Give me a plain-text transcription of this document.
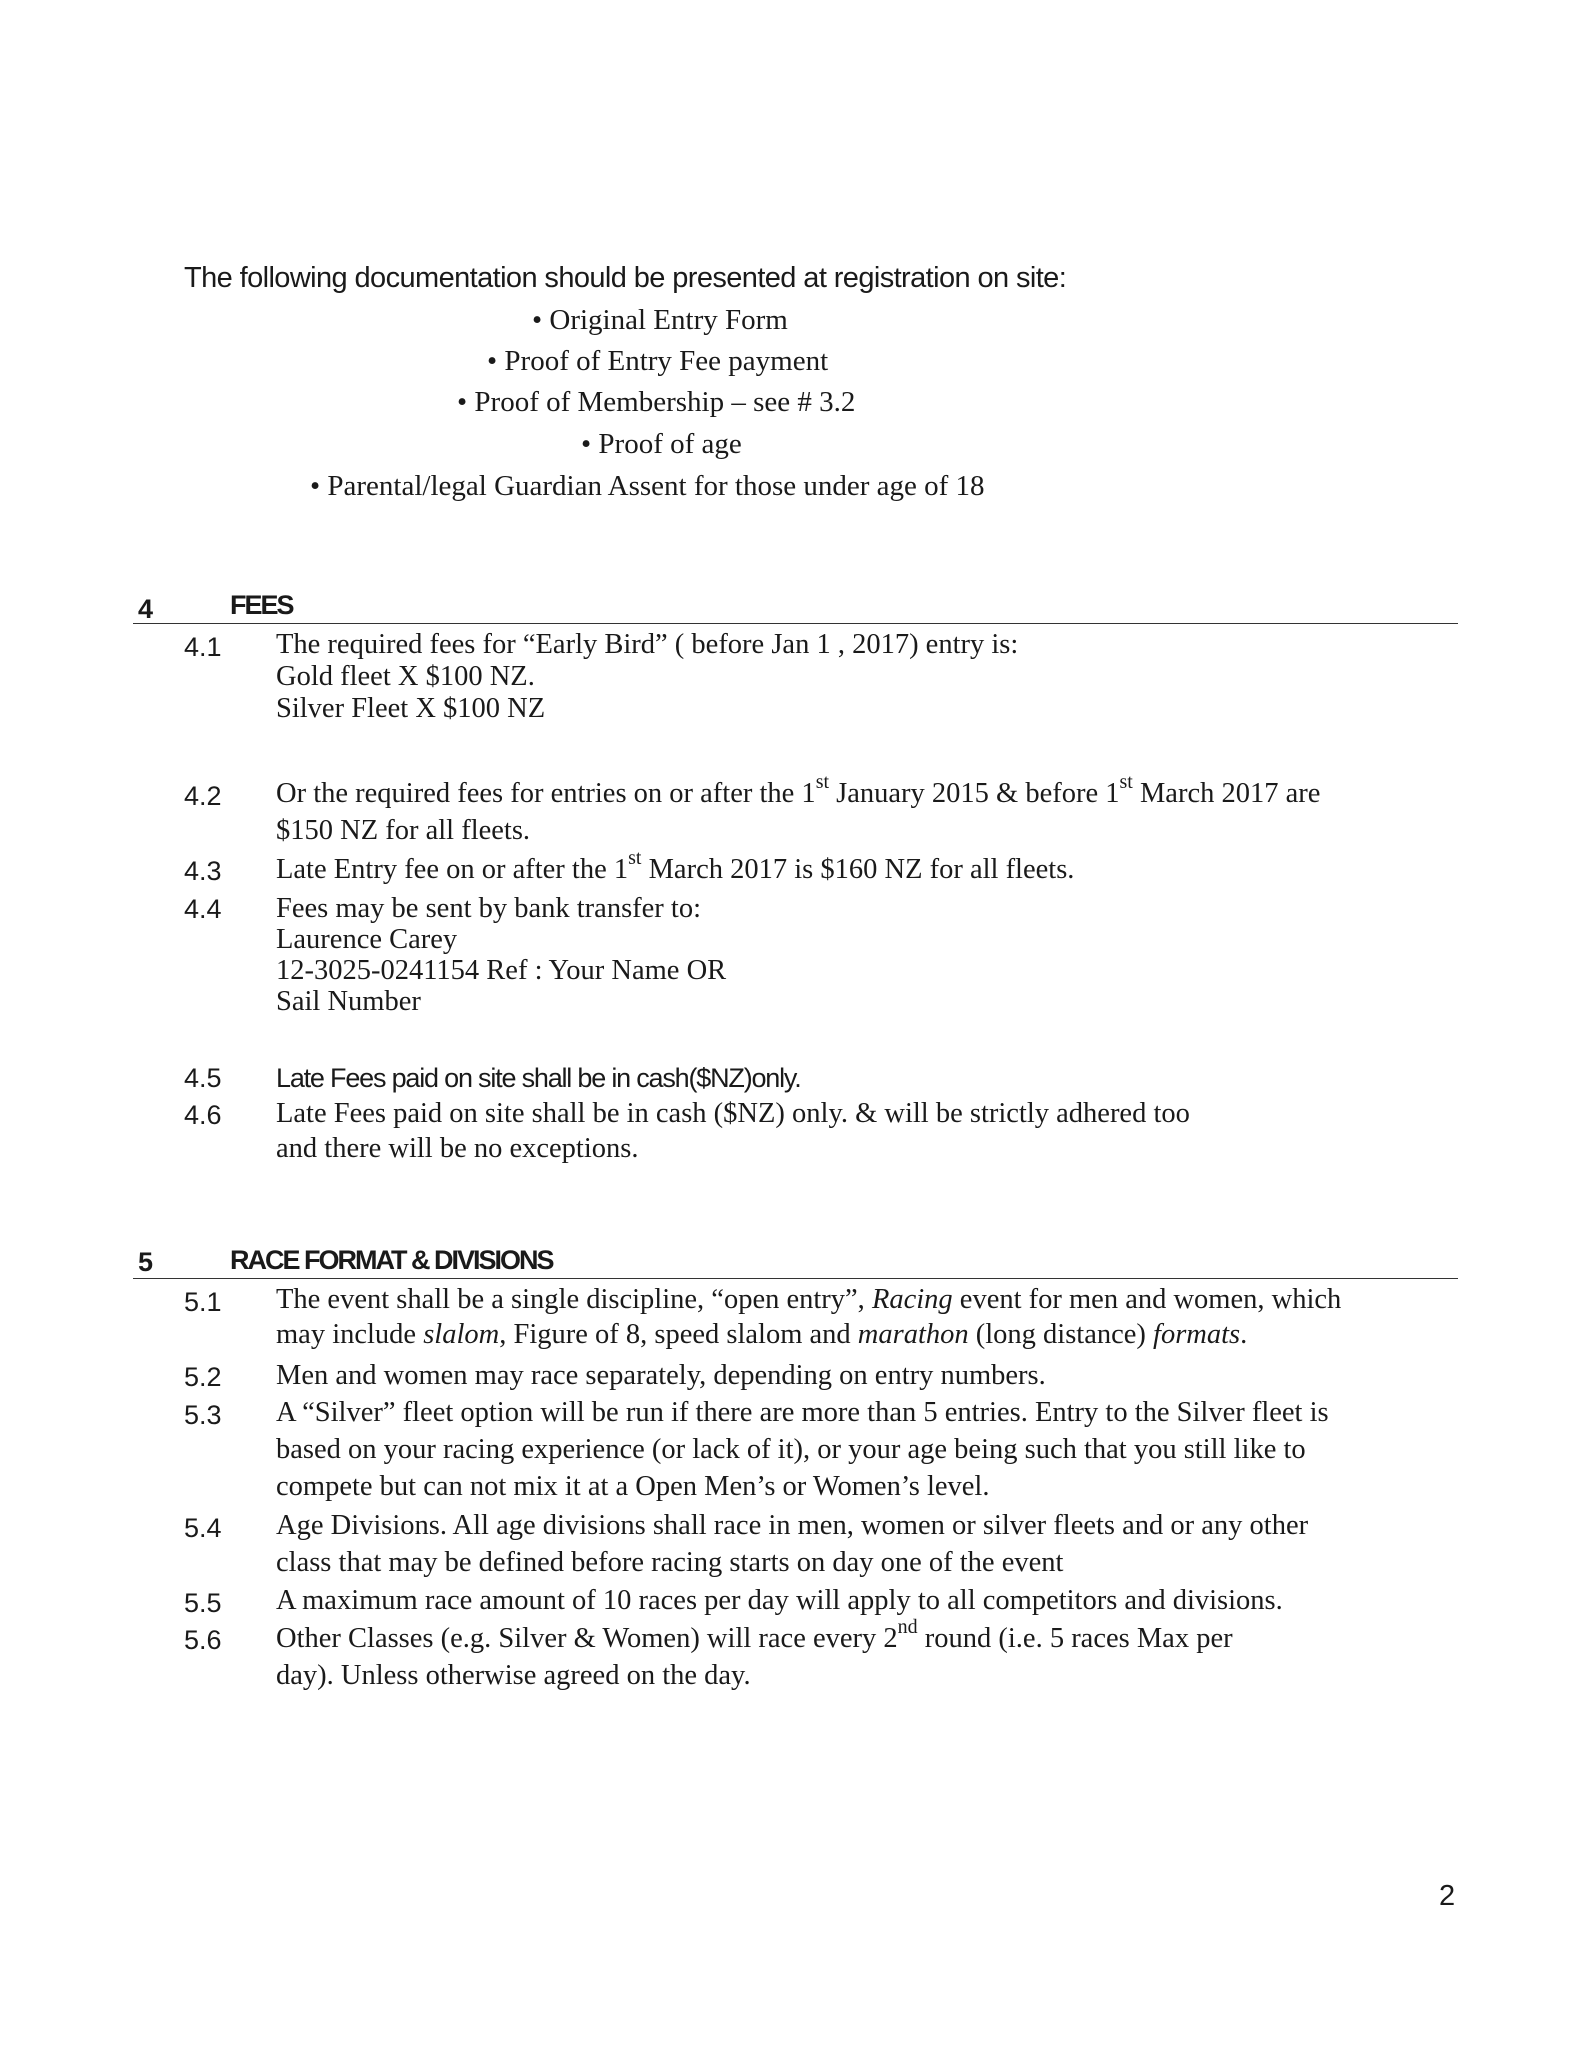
The following documentation should be presented at registration on site:
• Original Entry Form
• Proof of Entry Fee payment
• Proof of Membership – see # 3.2
• Proof of age
• Parental/legal Guardian Assent for those under age of 18
4	FEES
4.1 The required fees for “Early Bird” ( before Jan 1 , 2017) entry is:
Gold fleet X $100 NZ.
Silver Fleet X $100 NZ
4.2 Or the required fees for entries on or after the 1st January 2015 & before 1st March 2017 are
$150 NZ for all fleets.
4.3 Late Entry fee on or after the 1st March 2017 is $160 NZ for all fleets.
4.4 Fees may be sent by bank transfer to:
Laurence Carey
12-3025-0241154 Ref : Your Name OR
Sail Number
4.5 Late Fees paid on site shall be in cash($NZ)only.
4.6 Late Fees paid on site shall be in cash ($NZ) only. & will be strictly adhered too
and there will be no exceptions.
5	RACE FORMAT & DIVISIONS
5.1 The event shall be a single discipline, “open entry”, Racing event for men and women, which
may include slalom, Figure of 8, speed slalom and marathon (long distance) formats.
5.2 Men and women may race separately, depending on entry numbers.
5.3 A “Silver” fleet option will be run if there are more than 5 entries. Entry to the Silver fleet is
based on your racing experience (or lack of it), or your age being such that you still like to
compete but can not mix it at a Open Men’s or Women’s level.
5.4 Age Divisions. All age divisions shall race in men, women or silver fleets and or any other
class that may be defined before racing starts on day one of the event
5.5 A maximum race amount of 10 races per day will apply to all competitors and divisions.
5.6 Other Classes (e.g. Silver & Women) will race every 2nd round (i.e. 5 races Max per
day). Unless otherwise agreed on the day.
2
